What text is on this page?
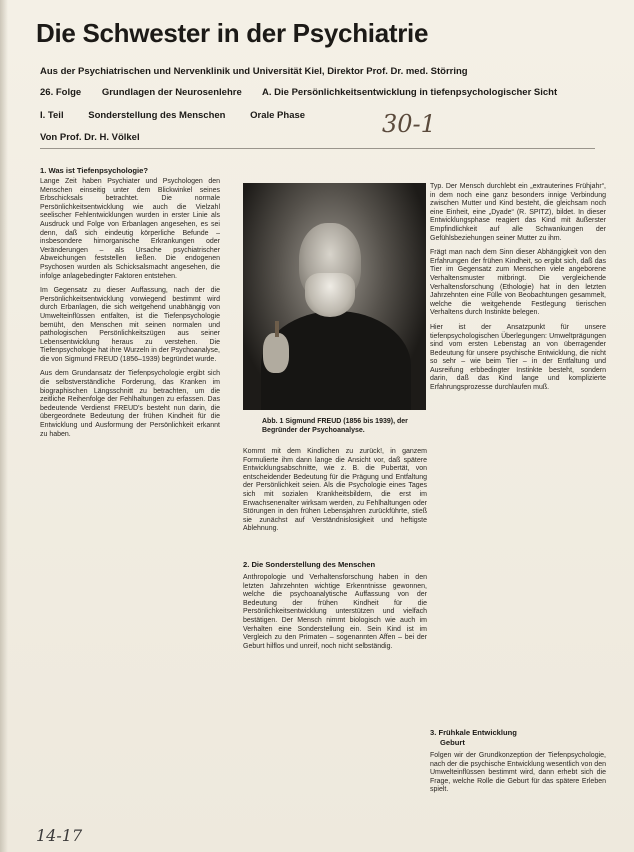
Die Schwester in der Psychiatrie
Aus der Psychiatrischen und Nervenklinik und Universität Kiel, Direktor Prof. Dr. med. Störring
26. Folge Grundlagen der Neurosenlehre A. Die Persönlichkeitsentwicklung in tiefenpsychologischer Sicht
I. Teil	Sonderstellung des Menschen	Orale Phase	30-1
Von Prof. Dr. H. Völkel
1. Was ist Tiefenpsychologie?

Lange Zeit haben Psychiater und Psychologen den Menschen einseitig unter dem Blickwinkel seines Erbschicksals betrachtet. Die normale Persönlichkeitsentwicklung wie auch die Vielzahl seelischer Fehlentwicklungen wurden in erster Linie als Ausdruck und Folge von Erbanlagen angesehen, es sei denn, daß sich eindeutig körperliche Befunde – insbesondere hirnorganische Erkrankungen oder Veränderungen – als Ursache psychiatrischer Abweichungen feststellen ließen. Die endogenen Psychosen wurden als Schicksalsmacht angesehen, die infolge anlagebedingter Faktoren entstehen.

Im Gegensatz zu dieser Auffassung, nach der die Persönlichkeitsentwicklung vorwiegend bestimmt wird durch Erbanlagen, die sich weitgehend unabhängig von Umwelteinflüssen entfalten, ist die Tiefenpsychologie bemüht, den Menschen mit seinen normalen und pathologischen Persönlichkeitszügen aus seiner Lebensentwicklung heraus zu verstehen. Die Tiefenpsychologie hat ihre Wurzeln in der Psychoanalyse, die von Sigmund FREUD (1856–1939) begründet wurde.

Aus dem Grundansatz der Tiefenpsychologie ergibt sich die selbstverständliche Forderung, das Kranken im biographischen Längsschnitt zu betrachten, um die zeitliche Reihenfolge der Fehlhaltungen zu erfassen. Das bedeutende Verdienst FREUD's besteht nun darin, die übergeordnete Bedeutung der frühen Kindheit für die Entwicklung und Ausformung der Persönlichkeit erkannt zu haben.

Abb. 1 Sigmund FREUD (1856 bis 1939), der Begründer der Psychoanalyse.

Kommt mit dem Kindlichen zu zurück!, in ganzem Formulierte ihm dann lange die Ansicht vor, daß spätere Entwicklungsabschnitte, wie z. B. die Pubertät, von entscheidender Bedeutung für die Prägung und Entfaltung der Persönlichkeit seien. Als die Psychologie eines Tages sich mit sozialen Krankheitsbildern, die erst im Erwachsenenalter wirksam werden, zu Fehlhaltungen oder Störungen in den frühen Lebensjahren zurückführte, stieß sie zunächst auf Verständnislosigkeit und heftigste Ablehnung.

2. Die Sonderstellung des Menschen

Anthropologie und Verhaltensforschung haben in den letzten Jahrzehnten wichtige Erkenntnisse gewonnen, welche die psychoanalytische Auffassung von der Bedeutung der frühen Kindheit für die Persönlichkeitsentwicklung unterstützen und vielfach bestätigen. Der Mensch nimmt biologisch wie auch im Verhalten eine Sonderstellung ein. Sein Kind ist im Vergleich zu den Primaten – sogenannten Affen – bei der Geburt hilflos und unreif, noch nicht selbständig.

Typ. Der Mensch durchlebt ein „extrauterines Frühjahr“, in dem noch eine ganz besonders innige Verbindung zwischen Mutter und Kind besteht, die gleichsam noch eine Einheit, eine „Dyade“ (R. SPITZ), bildet. In dieser Entwicklungsphase reagiert das Kind mit äußerster Empfindlichkeit auf alle Schwankungen der Gefühlsbeziehungen seiner Mutter zu ihm.

Frägt man nach dem Sinn dieser Abhängigkeit von den Erfahrungen der frühen Kindheit, so ergibt sich, daß das Tier im Gegensatz zum Menschen viele angeborene Verhaltensmuster mitbringt. Die vergleichende Verhaltensforschung (Ethologie) hat in den letzten Jahrzehnten eine Fülle von Beobachtungen gesammelt, welche die weitgehende Festlegung tierischen Verhaltens durch Instinkte belegen.

Hier ist der Ansatzpunkt für unsere tiefenpsychologischen Überlegungen: Umweltprägungen sind vom ersten Lebenstag an von überragender Bedeutung für unsere psychische Entwicklung, die nicht so sehr – wie beim Tier – in der Entfaltung und Ausreifung erbbedingter Instinkte besteht, sondern darin, daß das Kind lange und komplizierte Erfahrungsprozesse durchlaufen muß.

3. Frühkale Entwicklung
Geburt

Folgen wir der Grundkonzeption der Tiefenpsychologie, nach der die psychische Entwicklung wesentlich von den Umwelteinflüssen bestimmt wird, dann erhebt sich die Frage, welche Rolle die Geburt für das spätere Erleben spielt.

14-17
